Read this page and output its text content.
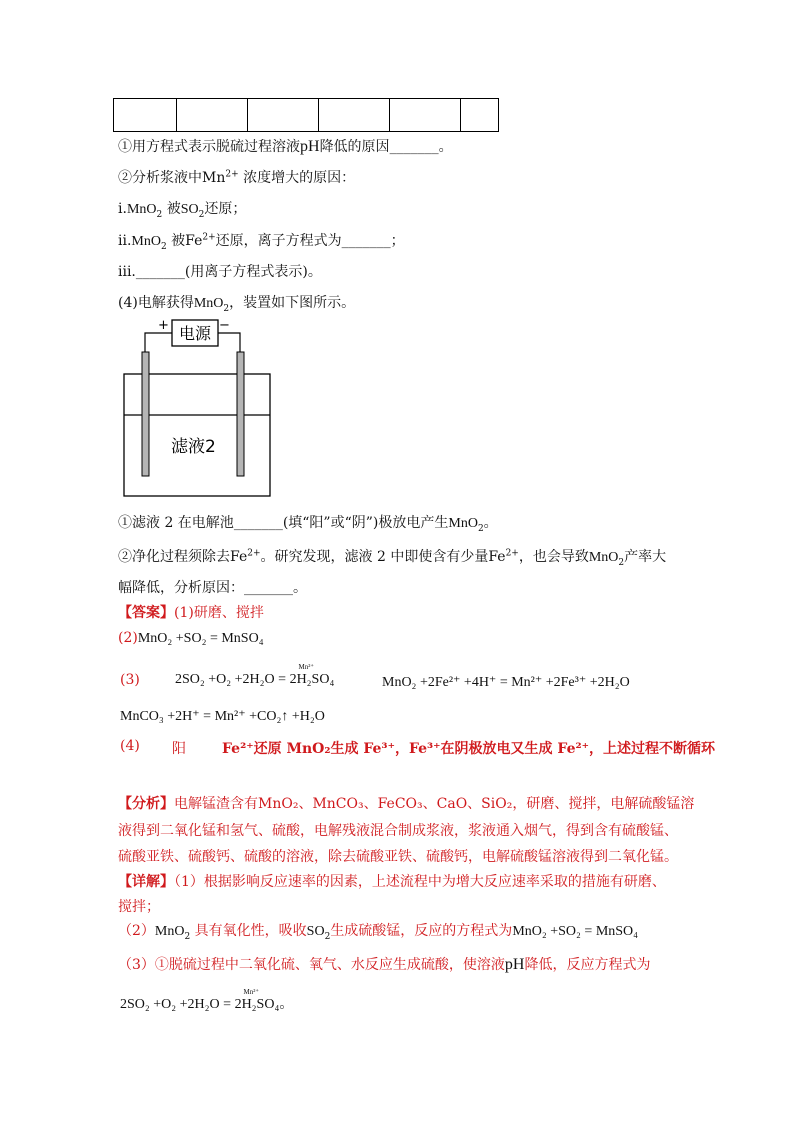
①用方程式表示脱硫过程溶液pH降低的原因_______。
②分析浆液中$Mn^{2+}$ 浓度增大的原因：
i.MnO$_2$ 被$SO_2$还原；
ii.MnO$_2$ 被$Fe^{2+}$还原，离子方程式为_______；
iii._______(用离子方程式表示)。
(4)电解获得MnO$_2$，装置如下图所示。
电源
+	−
滤液2
①滤液 2 在电解池_______(填“阳”或“阴”)极放电产生MnO$_2$。
②净化过程须除去$Fe^{2+}$。研究发现，滤液 2 中即使含有少量$Fe^{2+}$，也会导致MnO$_2$产率大
幅降低，分析原因：_______。
【答案】(1)研磨、搅拌
(2)MnO₂ +SO₂ = MnSO₄
(3)	2SO₂ +O₂ +2H₂O
Mn²⁺
= 2H₂SO₄	MnO₂ +2Fe²⁺ +4H⁺ = Mn²⁺ +2Fe³⁺ +2H₂O
MnCO₃ +2H⁺ = Mn²⁺ +CO₂↑ +H₂O
(4) 阳	Fe²⁺还原 MnO₂生成 Fe³⁺，Fe³⁺在阴极放电又生成 Fe²⁺，上述过程不断循环
【分析】电解锰渣含有MnO₂、MnCO₃、FeCO₃、CaO、SiO₂，研磨、搅拌，电解硫酸锰溶
液得到二氧化锰和氢气、硫酸，电解残液混合制成浆液，浆液通入烟气，得到含有硫酸锰、
硫酸亚铁、硫酸钙、硫酸的溶液，除去硫酸亚铁、硫酸钙，电解硫酸锰溶液得到二氧化锰。
【详解】（1）根据影响反应速率的因素，上述流程中为增大反应速率采取的措施有研磨、
搅拌；
（2）MnO$_2$ 具有氧化性，吸收$SO_2$生成硫酸锰，反应的方程式为MnO₂ +SO₂ = MnSO₄
（3）①脱硫过程中二氧化硫、氧气、水反应生成硫酸，使溶液pH降低，反应方程式为
2SO₂ +O₂ +2H₂O
Mn²⁺
= 2H₂SO₄。
